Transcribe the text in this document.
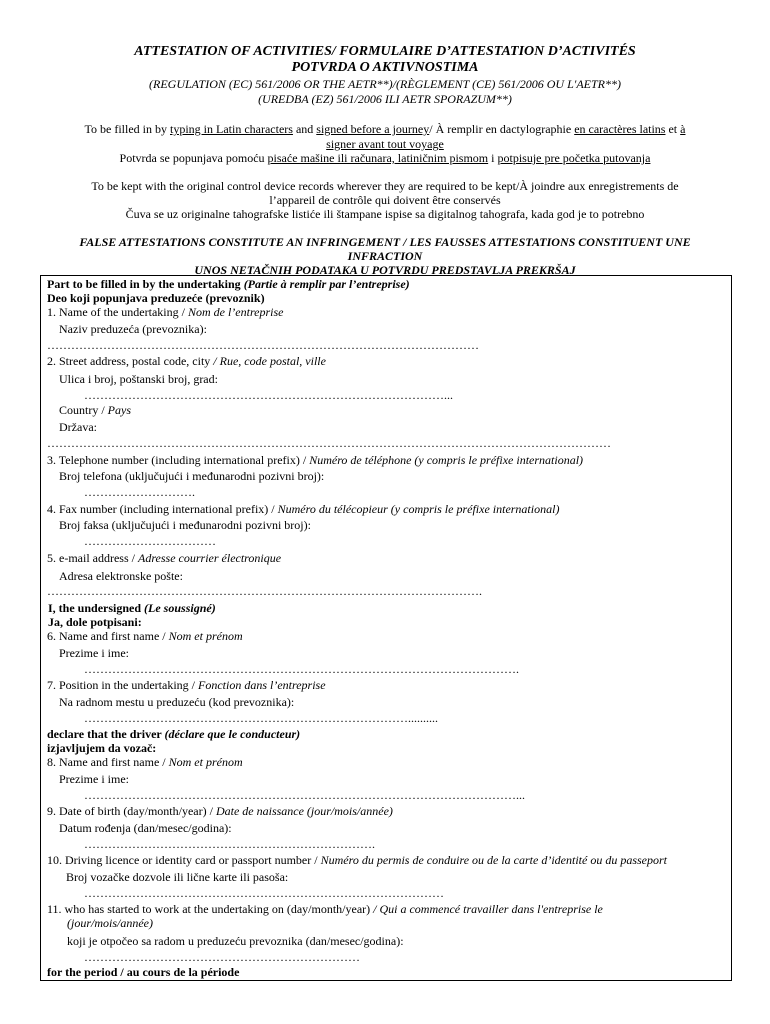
ATTESTATION OF ACTIVITIES/ FORMULAIRE D’ATTESTATION D’ACTIVITÉS
POTVRDA O AKTIVNOSTIMA
(REGULATION (EC) 561/2006 OR THE AETR**)/(RÈGLEMENT (CE) 561/2006 OU L'AETR**)
(UREDBA (EZ) 561/2006 ILI AETR SPORAZUM**)
To be filled in by typing in Latin characters and signed before a journey/ À remplir en dactylographie en caractères latins et à
signer avant tout voyage
Potvrda se popunjava pomoću pisaće mašine ili računara, latiničnim pismom i potpisuje pre početka putovanja
To be kept with the original control device records wherever they are required to be kept/À joindre aux enregistrements de
l’appareil de contrôle qui doivent être conservés
Čuva se uz originalne tahografske listiće ili štampane ispise sa digitalnog tahografa, kada god je to potrebno
FALSE ATTESTATIONS CONSTITUTE AN INFRINGEMENT / LES FAUSSES ATTESTATIONS CONSTITUENT UNE
INFRACTION
UNOS NETAČNIH PODATAKA U POTVRDU PREDSTAVLJA PREKRŠAJ
Part to be filled in by the undertaking (Partie à remplir par l’entreprise)
Deo koji popunjava preduzeće (prevoznik)
1. Name of the undertaking / Nom de l’entreprise
Naziv preduzeća (prevoznika):
………………………………………………………………………………………………
2. Street address, postal code, city / Rue, code postal, ville
Ulica i broj, poštanski broj, grad:
………………………………………………………………………………...
Country / Pays
Država:
……………………………………………………………………………………………………………………………
3. Telephone number (including international prefix) / Numéro de téléphone (y compris le préfixe international)
Broj telefona (uključujući i međunarodni pozivni broj):
……………………….
4. Fax number (including international prefix) / Numéro du télécopieur (y compris le préfixe international)
Broj faksa (uključujući i međunarodni pozivni broj):
……………………………
5. e-mail address / Adresse courrier électronique
Adresa elektronske pošte:
……………………………………………………………………………………………….
I, the undersigned (Le soussigné)
Ja, dole potpisani:
6. Name and first name / Nom et prénom
Prezime i ime:
……………………………………………………………………………………………….
7. Position in the undertaking / Fonction dans l’entreprise
Na radnom mestu u preduzeću (kod prevoznika):
………………………………………………………………………..........
declare that the driver (déclare que le conducteur)
izjavljujem da vozač:
8. Name and first name / Nom et prénom
Prezime i ime:
………………………………………………………………………………………………...
9. Date of birth (day/month/year) / Date de naissance (jour/mois/année)
Datum rođenja (dan/mesec/godina):
……………………………………………………………….
10. Driving licence or identity card or passport number / Numéro du permis de conduire ou de la carte d’identité ou du passeport
Broj vozačke dozvole ili lične karte ili pasoša:
………………………………………………………………………………
11. who has started to work at the undertaking on (day/month/year) / Qui a commencé travailler dans l'entreprise le
(jour/mois/année)
koji je otpočeo sa radom u preduzeću prevoznika (dan/mesec/godina):
……………………………………………………………
for the period / au cours de la période
